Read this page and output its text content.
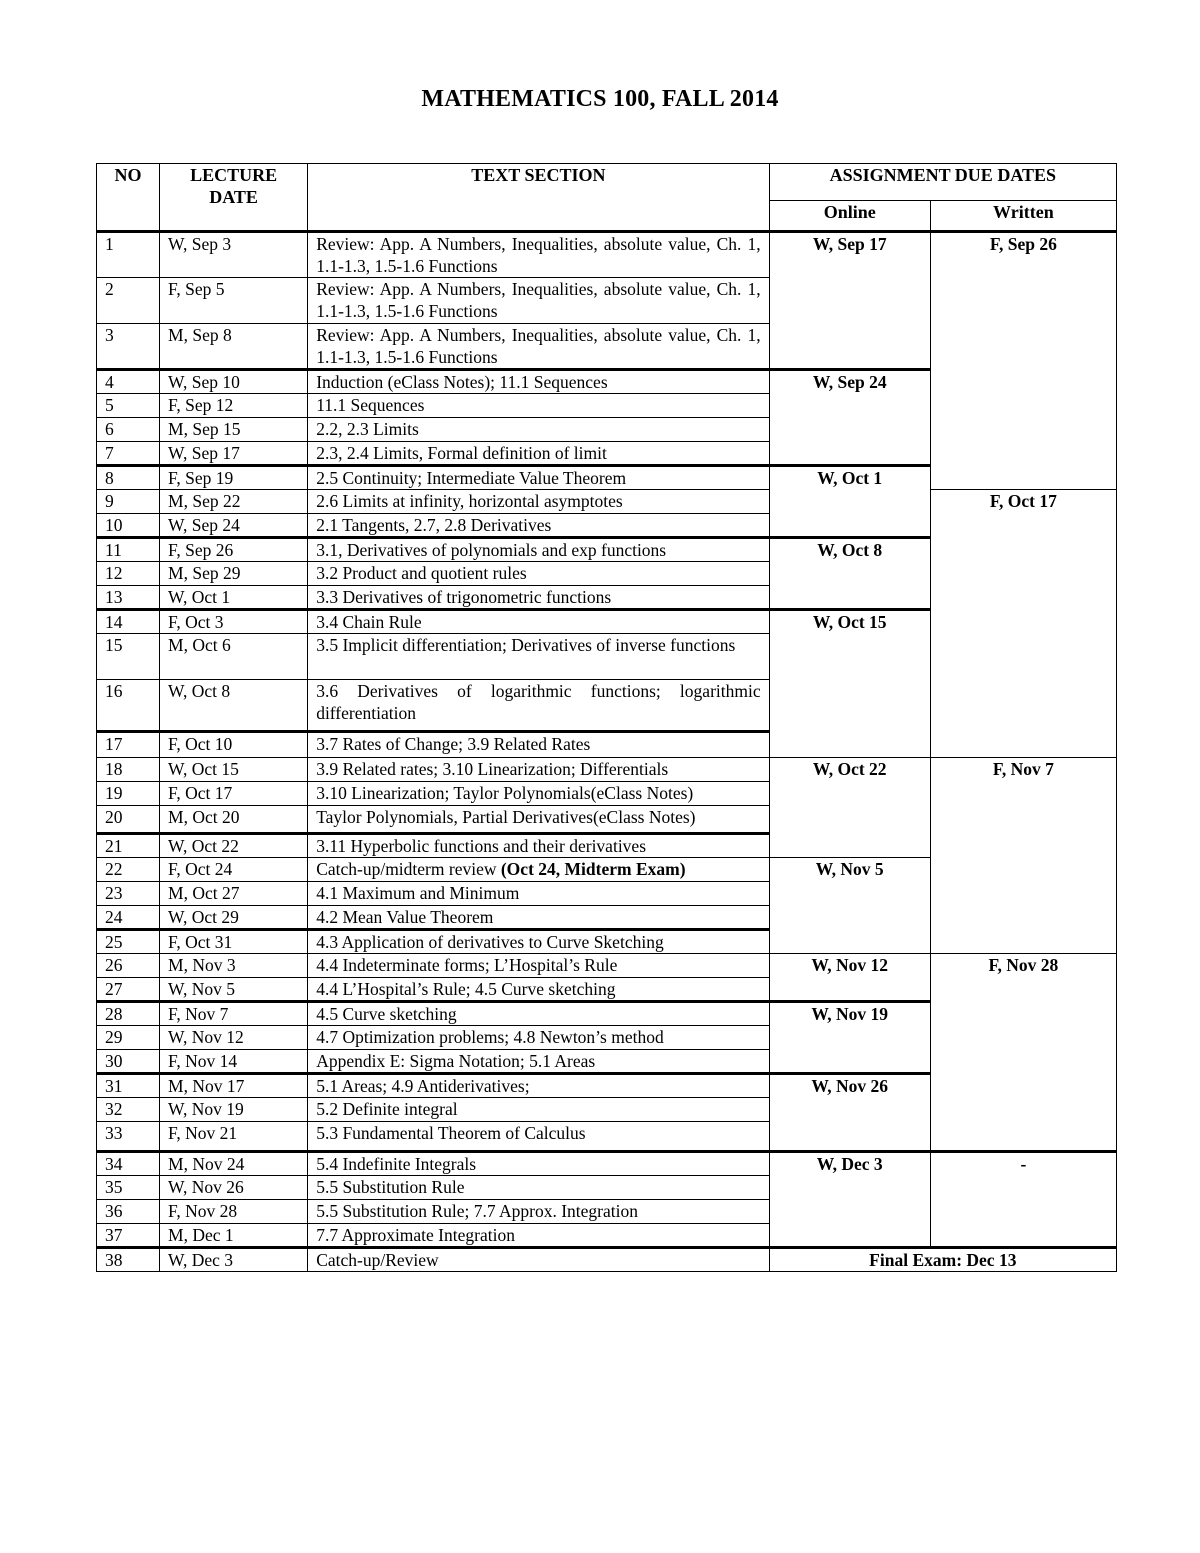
MATHEMATICS 100, FALL 2014
NO	LECTURE DATE	TEXT SECTION	ASSIGNMENT DUE DATES	
			Online	Written
1	W, Sep 3	Review: App. A Numbers, Inequalities, absolute value, Ch. 1, 1.1-1.3, 1.5-1.6 Functions	W, Sep 17	F, Sep 26
2	F, Sep 5	Review: App. A Numbers, Inequalities, absolute value, Ch. 1, 1.1-1.3, 1.5-1.6 Functions		
3	M, Sep 8	Review: App. A Numbers, Inequalities, absolute value, Ch. 1, 1.1-1.3, 1.5-1.6 Functions		
4	W, Sep 10	Induction (eClass Notes); 11.1 Sequences	W, Sep 24	
5	F, Sep 12	11.1 Sequences		
6	M, Sep 15	2.2, 2.3 Limits		
7	W, Sep 17	2.3, 2.4 Limits, Formal definition of limit		
8	F, Sep 19	2.5 Continuity; Intermediate Value Theorem	W, Oct 1	
9	M, Sep 22	2.6 Limits at infinity, horizontal asymptotes		F, Oct 17
10	W, Sep 24	2.1 Tangents, 2.7, 2.8 Derivatives		
11	F, Sep 26	3.1, Derivatives of polynomials and exp functions	W, Oct 8	
12	M, Sep 29	3.2 Product and quotient rules		
13	W, Oct 1	3.3 Derivatives of trigonometric functions		
14	F, Oct 3	3.4 Chain Rule	W, Oct 15	
15	M, Oct 6	3.5 Implicit differentiation; Derivatives of inverse functions		
16	W, Oct 8	3.6 Derivatives of logarithmic functions; logarithmic differentiation		
17	F, Oct 10	3.7 Rates of Change; 3.9 Related Rates		
18	W, Oct 15	3.9 Related rates; 3.10 Linearization; Differentials	W, Oct 22	F, Nov 7
19	F, Oct 17	3.10 Linearization; Taylor Polynomials(eClass Notes)		
20	M, Oct 20	Taylor Polynomials, Partial Derivatives(eClass Notes)		
21	W, Oct 22	3.11 Hyperbolic functions and their derivatives		
22	F, Oct 24	Catch-up/midterm review (Oct 24, Midterm Exam)	W, Nov 5	
23	M, Oct 27	4.1 Maximum and Minimum		
24	W, Oct 29	4.2 Mean Value Theorem		
25	F, Oct 31	4.3 Application of derivatives to Curve Sketching		
26	M, Nov 3	4.4 Indeterminate forms; L’Hospital’s Rule	W, Nov 12	F, Nov 28
27	W, Nov 5	4.4 L’Hospital’s Rule; 4.5 Curve sketching		
28	F, Nov 7	4.5 Curve sketching	W, Nov 19	
29	W, Nov 12	4.7 Optimization problems; 4.8 Newton’s method		
30	F, Nov 14	Appendix E: Sigma Notation; 5.1 Areas		
31	M, Nov 17	5.1 Areas; 4.9 Antiderivatives;	W, Nov 26	
32	W, Nov 19	5.2 Definite integral		
33	F, Nov 21	5.3 Fundamental Theorem of Calculus		
34	M, Nov 24	5.4 Indefinite Integrals	W, Dec 3	-
35	W, Nov 26	5.5 Substitution Rule		
36	F, Nov 28	5.5 Substitution Rule; 7.7 Approx. Integration		
37	M, Dec 1	7.7 Approximate Integration		
38	W, Dec 3	Catch-up/Review	Final Exam: Dec 13	
